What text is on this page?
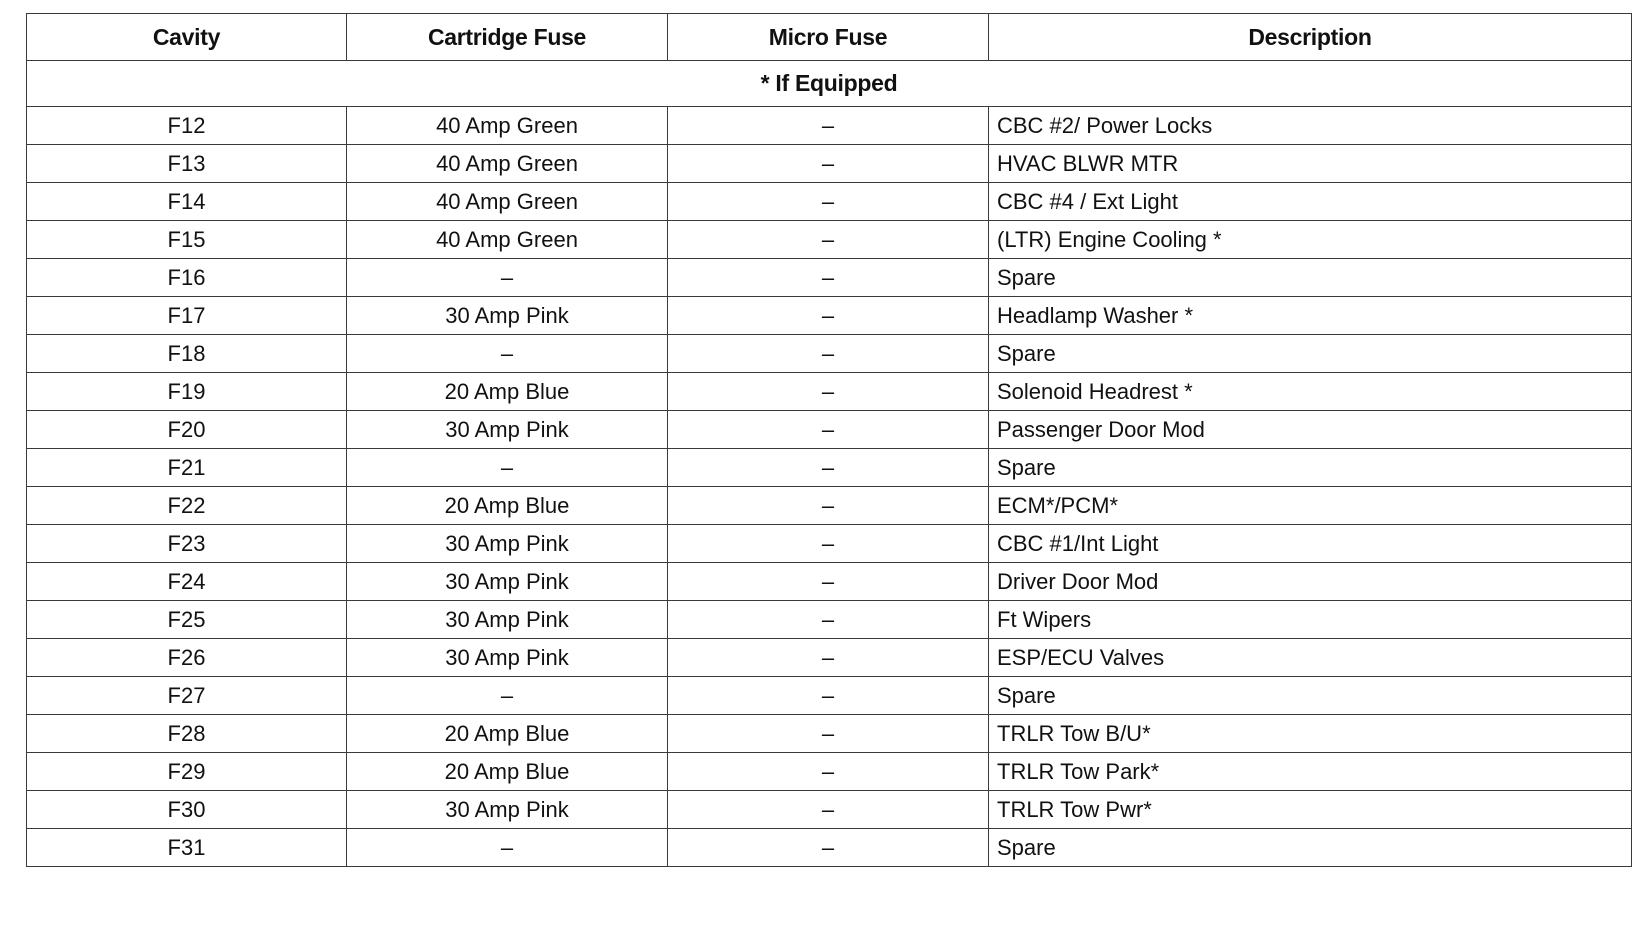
Cavity	Cartridge Fuse	Micro Fuse	Description
* If Equipped			
F12	40 Amp Green	–	CBC #2/ Power Locks
F13	40 Amp Green	–	HVAC BLWR MTR
F14	40 Amp Green	–	CBC #4 / Ext Light
F15	40 Amp Green	–	(LTR) Engine Cooling *
F16	–	–	Spare
F17	30 Amp Pink	–	Headlamp Washer *
F18	–	–	Spare
F19	20 Amp Blue	–	Solenoid Headrest *
F20	30 Amp Pink	–	Passenger Door Mod
F21	–	–	Spare
F22	20 Amp Blue	–	ECM*/PCM*
F23	30 Amp Pink	–	CBC #1/Int Light
F24	30 Amp Pink	–	Driver Door Mod
F25	30 Amp Pink	–	Ft Wipers
F26	30 Amp Pink	–	ESP/ECU Valves
F27	–	–	Spare
F28	20 Amp Blue	–	TRLR Tow B/U*
F29	20 Amp Blue	–	TRLR Tow Park*
F30	30 Amp Pink	–	TRLR Tow Pwr*
F31	–	–	Spare
